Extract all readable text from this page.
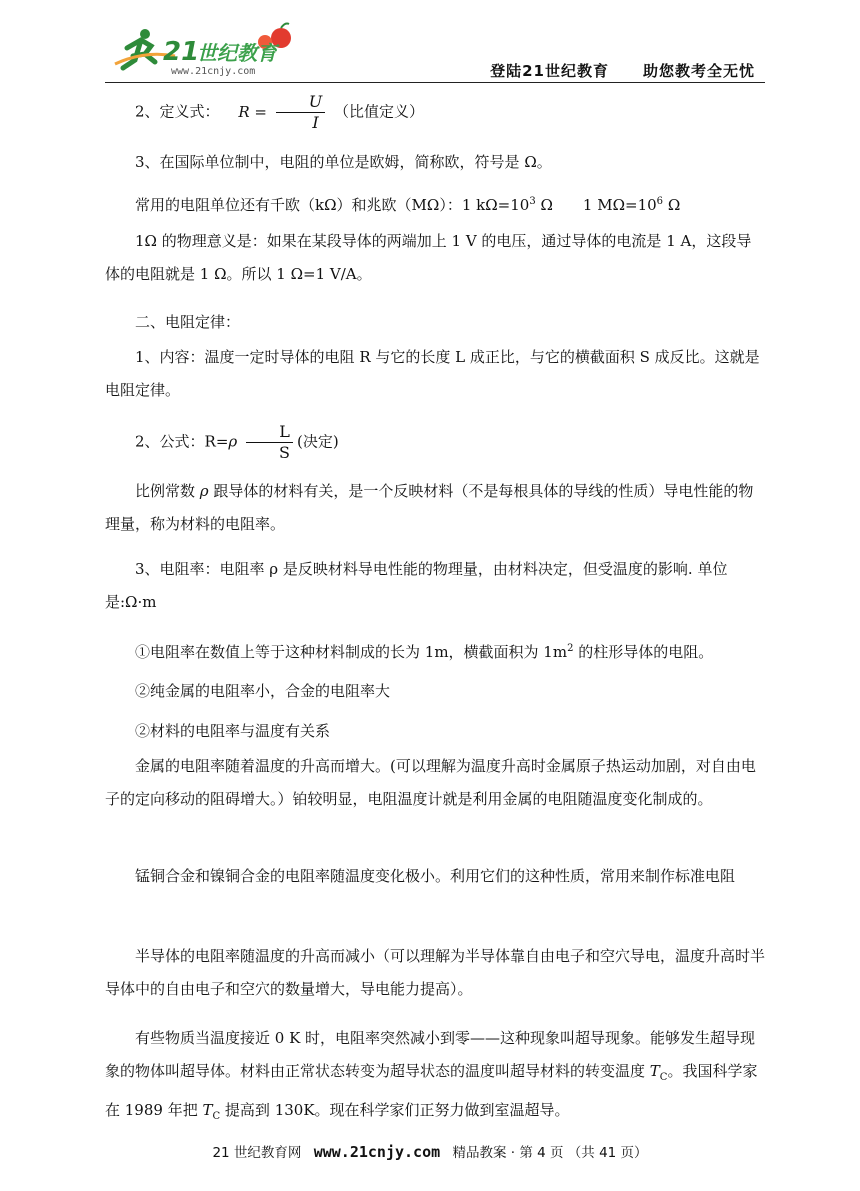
21
世纪教育
www.21cnjy.com	登陆21世纪教育 助您教考全无忧
2、定义式： $R = \frac{U}{I}$ （比值定义）
3、在国际单位制中，电阻的单位是欧姆，简称欧，符号是 Ω。
常用的电阻单位还有千欧（kΩ）和兆欧（MΩ）：1 $k\Omega=10^3$ Ω　　1 $M\Omega=10^6$ Ω
1Ω 的物理意义是：如果在某段导体的两端加上 1 V 的电压，通过导体的电流是 1 A，这段导体的电阻就是 1 Ω。所以 1 Ω=1 V/A。
二、电阻定律：
1、内容：温度一定时导体的电阻 R 与它的长度 L 成正比，与它的横截面积 S 成反比。这就是电阻定律。
2、公式：$R=\rho \frac{L}{S}$ (决定)
比例常数 ρ 跟导体的材料有关，是一个反映材料（不是每根具体的导线的性质）导电性能的物理量，称为材料的电阻率。
3、电阻率：电阻率 ρ 是反映材料导电性能的物理量，由材料决定，但受温度的影响. 单位是:Ω·m
①电阻率在数值上等于这种材料制成的长为 1m，横截面积为 $1m^2$ 的柱形导体的电阻。
②纯金属的电阻率小，合金的电阻率大
②材料的电阻率与温度有关系
金属的电阻率随着温度的升高而增大。(可以理解为温度升高时金属原子热运动加剧，对自由电子的定向移动的阻碍增大。）铂较明显，电阻温度计就是利用金属的电阻随温度变化制成的。
锰铜合金和镍铜合金的电阻率随温度变化极小。利用它们的这种性质，常用来制作标准电阻
半导体的电阻率随温度的升高而减小（可以理解为半导体靠自由电子和空穴导电，温度升高时半导体中的自由电子和空穴的数量增大，导电能力提高）。
有些物质当温度接近 0 K 时，电阻率突然减小到零——这种现象叫超导现象。能够发生超导现象的物体叫超导体。材料由正常状态转变为超导状态的温度叫超导材料的转变温度 $T_C$。我国科学家在 1989 年把 $T_C$ 提高到 130K。现在科学家们正努力做到室温超导。
21 世纪教育网 www.21cnjy.com 精品教案 · 第 4 页 （共 41 页）
